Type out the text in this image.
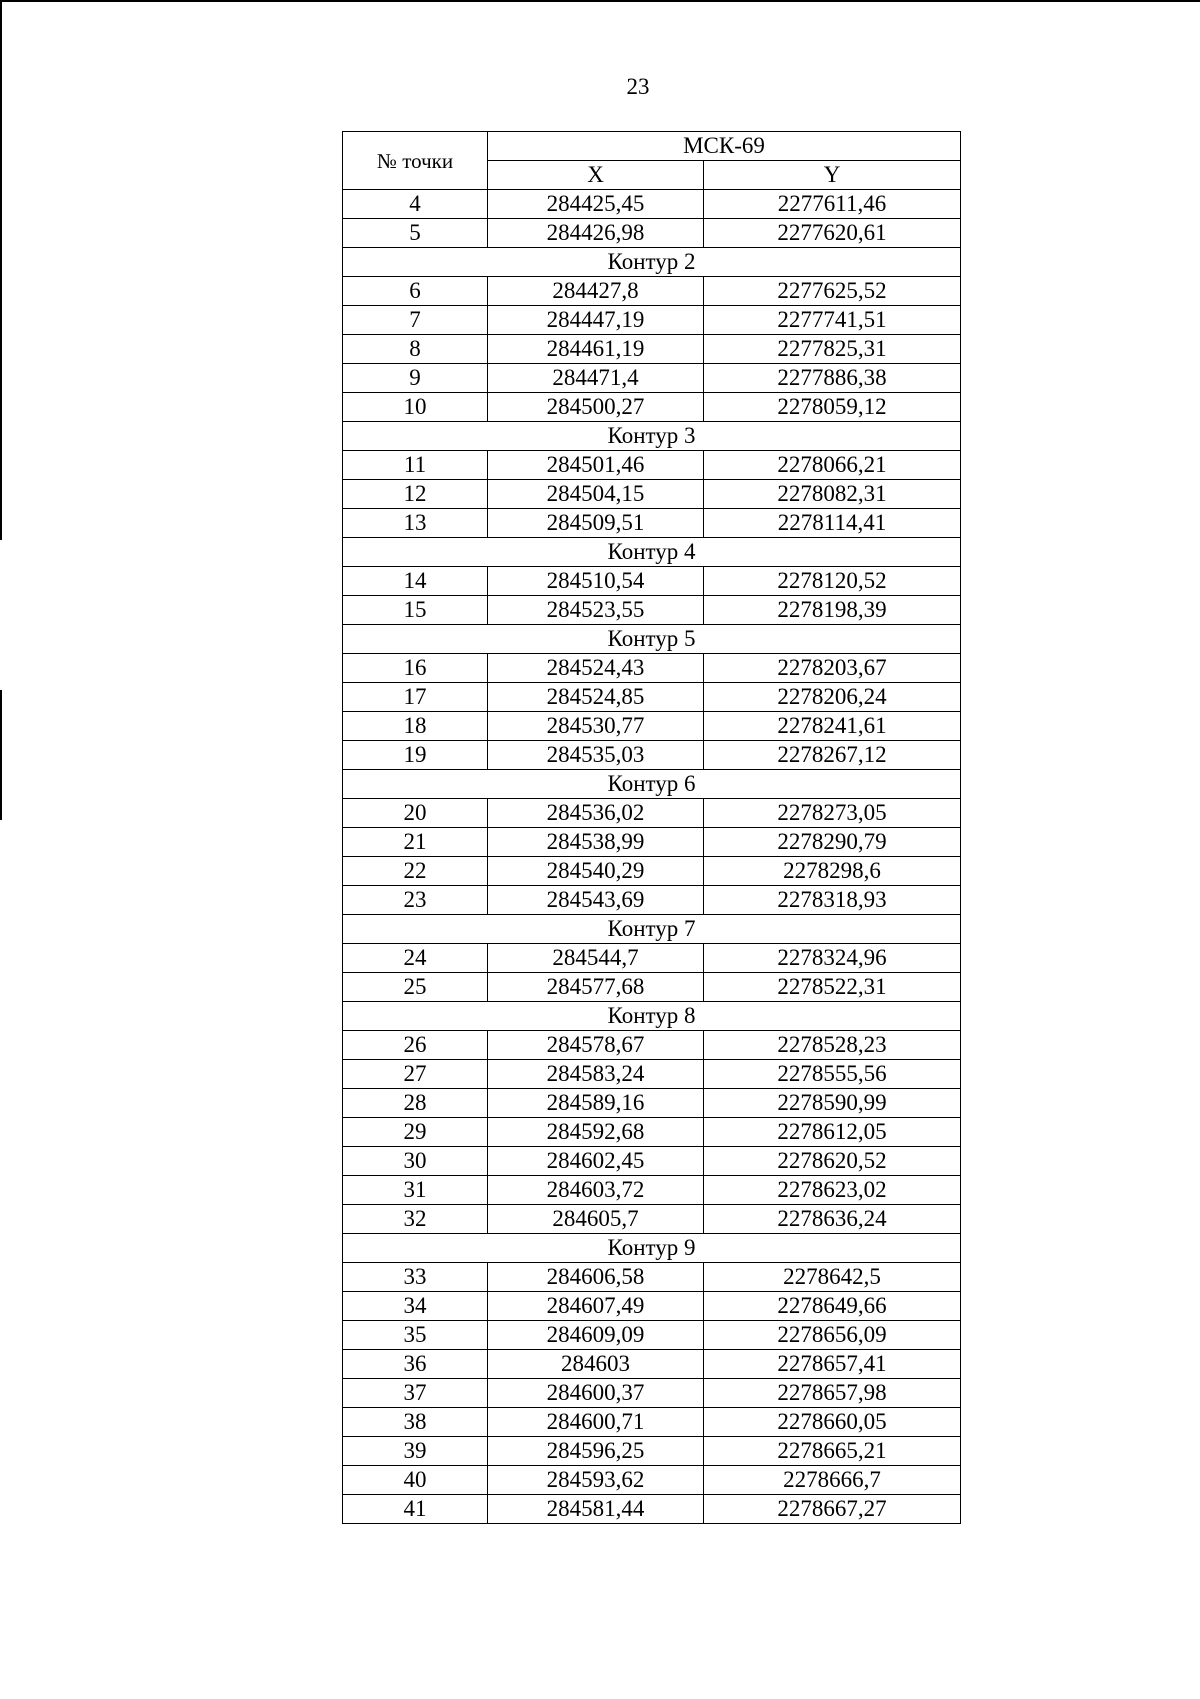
23
№ точки	МСК-69	
	X	Y
4	284425,45	2277611,46
5	284426,98	2277620,61
Контур 2		
6	284427,8	2277625,52
7	284447,19	2277741,51
8	284461,19	2277825,31
9	284471,4	2277886,38
10	284500,27	2278059,12
Контур 3		
11	284501,46	2278066,21
12	284504,15	2278082,31
13	284509,51	2278114,41
Контур 4		
14	284510,54	2278120,52
15	284523,55	2278198,39
Контур 5		
16	284524,43	2278203,67
17	284524,85	2278206,24
18	284530,77	2278241,61
19	284535,03	2278267,12
Контур 6		
20	284536,02	2278273,05
21	284538,99	2278290,79
22	284540,29	2278298,6
23	284543,69	2278318,93
Контур 7		
24	284544,7	2278324,96
25	284577,68	2278522,31
Контур 8		
26	284578,67	2278528,23
27	284583,24	2278555,56
28	284589,16	2278590,99
29	284592,68	2278612,05
30	284602,45	2278620,52
31	284603,72	2278623,02
32	284605,7	2278636,24
Контур 9		
33	284606,58	2278642,5
34	284607,49	2278649,66
35	284609,09	2278656,09
36	284603	2278657,41
37	284600,37	2278657,98
38	284600,71	2278660,05
39	284596,25	2278665,21
40	284593,62	2278666,7
41	284581,44	2278667,27
